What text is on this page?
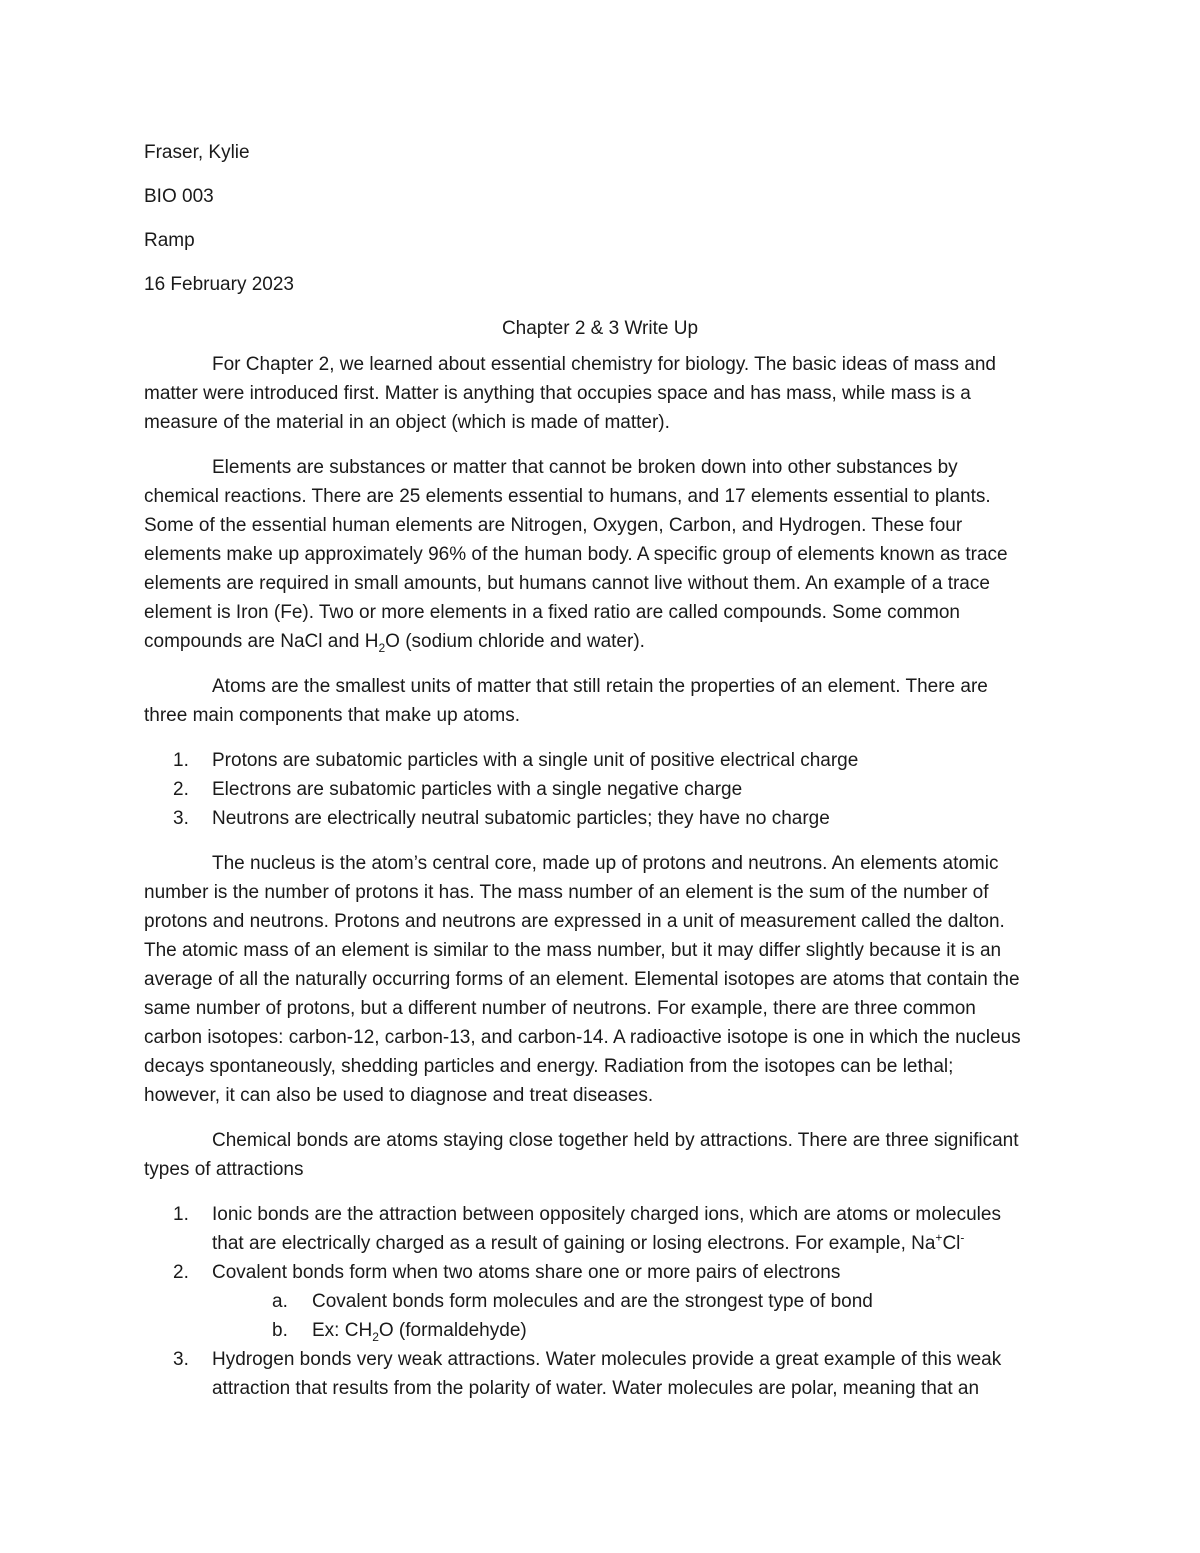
Fraser, Kylie
BIO 003
Ramp
16 February 2023
Chapter 2 & 3 Write Up
For Chapter 2, we learned about essential chemistry for biology. The basic ideas of mass and
matter were introduced first. Matter is anything that occupies space and has mass, while mass is a
measure of the material in an object (which is made of matter).
Elements are substances or matter that cannot be broken down into other substances by
chemical reactions. There are 25 elements essential to humans, and 17 elements essential to plants.
Some of the essential human elements are Nitrogen, Oxygen, Carbon, and Hydrogen. These four
elements make up approximately 96% of the human body. A specific group of elements known as trace
elements are required in small amounts, but humans cannot live without them. An example of a trace
element is Iron (Fe). Two or more elements in a fixed ratio are called compounds. Some common
compounds are NaCl and $H_2O$ (sodium chloride and water).
Atoms are the smallest units of matter that still retain the properties of an element. There are
three main components that make up atoms.
1. Protons are subatomic particles with a single unit of positive electrical charge
2. Electrons are subatomic particles with a single negative charge
3. Neutrons are electrically neutral subatomic particles; they have no charge
The nucleus is the atom’s central core, made up of protons and neutrons. An elements atomic
number is the number of protons it has. The mass number of an element is the sum of the number of
protons and neutrons. Protons and neutrons are expressed in a unit of measurement called the dalton.
The atomic mass of an element is similar to the mass number, but it may differ slightly because it is an
average of all the naturally occurring forms of an element. Elemental isotopes are atoms that contain the
same number of protons, but a different number of neutrons. For example, there are three common
carbon isotopes: carbon-12, carbon-13, and carbon-14. A radioactive isotope is one in which the nucleus
decays spontaneously, shedding particles and energy. Radiation from the isotopes can be lethal;
however, it can also be used to diagnose and treat diseases.
Chemical bonds are atoms staying close together held by attractions. There are three significant
types of attractions
1. Ionic bonds are the attraction between oppositely charged ions, which are atoms or molecules
that are electrically charged as a result of gaining or losing electrons. For example, Na+Cl-
2. Covalent bonds form when two atoms share one or more pairs of electrons
a. Covalent bonds form molecules and are the strongest type of bond
b. Ex: $CH_2O$ (formaldehyde)
3. Hydrogen bonds very weak attractions. Water molecules provide a great example of this weak
attraction that results from the polarity of water. Water molecules are polar, meaning that an
